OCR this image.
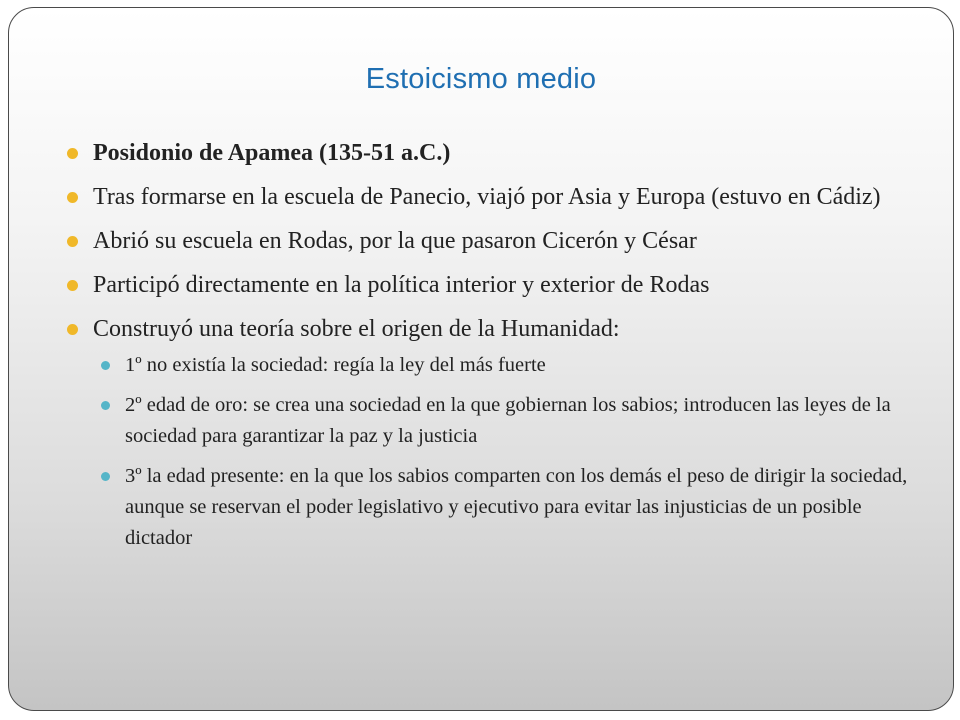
Estoicismo medio
Posidonio de Apamea (135-51 a.C.)
Tras formarse en la escuela de Panecio, viajó por Asia y Europa (estuvo en Cádiz)
Abrió su escuela en Rodas, por la que pasaron Cicerón y César
Participó directamente en la política interior y exterior de Rodas
Construyó una teoría sobre el origen de la Humanidad:
1º no existía la sociedad: regía la ley del más fuerte
2º edad de oro: se crea una sociedad en la que gobiernan los sabios; introducen las leyes de la sociedad para garantizar la paz y la justicia
3º la edad presente: en la que los sabios comparten con los demás el peso de dirigir la sociedad, aunque se reservan el poder legislativo y ejecutivo para evitar las injusticias de un posible dictador
